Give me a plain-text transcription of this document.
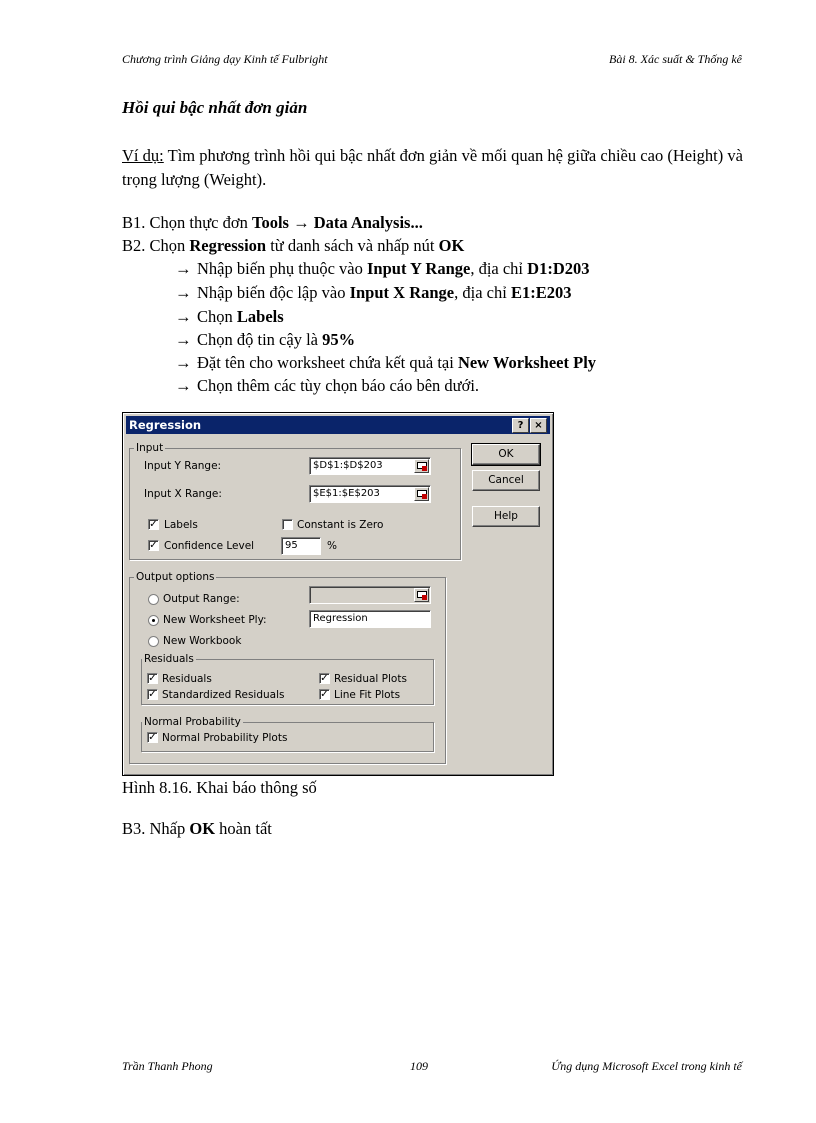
Chương trình Giảng dạy Kinh tế Fulbright	Bài 8. Xác suất & Thống kê
Hồi qui bậc nhất đơn giản
Ví dụ: Tìm phương trình hồi qui bậc nhất đơn giản về mối quan hệ giữa chiều cao (Height) và trọng lượng (Weight).
B1. Chọn thực đơn Tools → Data Analysis...
B2. Chọn Regression từ danh sách và nhấp nút OK
→ Nhập biến phụ thuộc vào Input Y Range, địa chỉ D1:D203
→ Nhập biến độc lập vào Input X Range, địa chỉ E1:E203
→ Chọn Labels
→ Chọn độ tin cậy là 95%
→ Đặt tên cho worksheet chứa kết quả tại New Worksheet Ply
→ Chọn thêm các tùy chọn báo cáo bên dưới.
Regression	?	×
Input
Input Y Range:	$D$1:$D$203
Input X Range:	$E$1:$E$203
✓ Labels	Constant is Zero
✓ Confidence Level	95	%
OK
Cancel
Help
Output options
Output Range:
New Worksheet Ply:	Regression
New Workbook
Residuals
✓ Residuals	✓ Residual Plots
✓ Standardized Residuals	✓ Line Fit Plots
Normal Probability
✓ Normal Probability Plots
Hình 8.16. Khai báo thông số
B3. Nhấp OK hoàn tất
Trần Thanh Phong	109	Ứng dụng Microsoft Excel trong kinh tế
